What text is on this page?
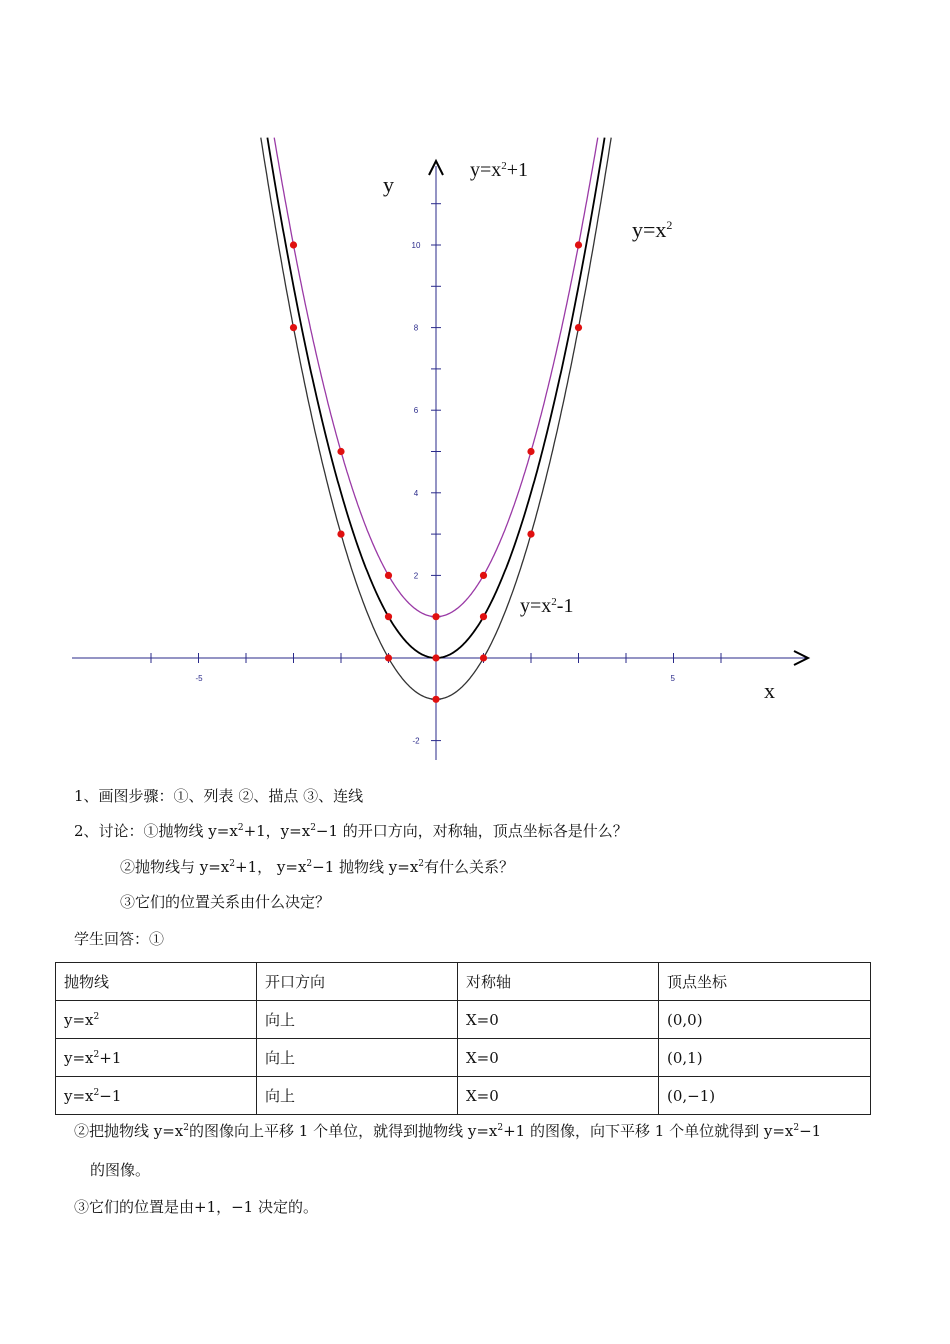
-5	5
2
4
6
8
10
-2
y
x
$y=x^2+1$
$y=x^2$
$y=x^2-1$
1、画图步骤：①、列表 ②、描点 ③、连线
2、讨论：①抛物线 $y=x^2+1$，$y=x^2-1$ 的开口方向，对称轴，顶点坐标各是什么？
②抛物线与 $y=x^2+1$， $y=x^2-1$ 抛物线 $y=x^2$有什么关系？
③它们的位置关系由什么决定？
学生回答：①
抛物线	开口方向	对称轴	顶点坐标
$y=x^2$	向上	X=0	(0,0)
$y=x^2+1$	向上	X=0	(0,1)
$y=x^2-1$	向上	X=0	(0,−1)
②把抛物线 $y=x^2$的图像向上平移 1 个单位，就得到抛物线 $y=x^2+1$ 的图像，向下平移 1 个单位就得到 $y=x^2-1$
的图像。
③它们的位置是由+1，−1 决定的。
